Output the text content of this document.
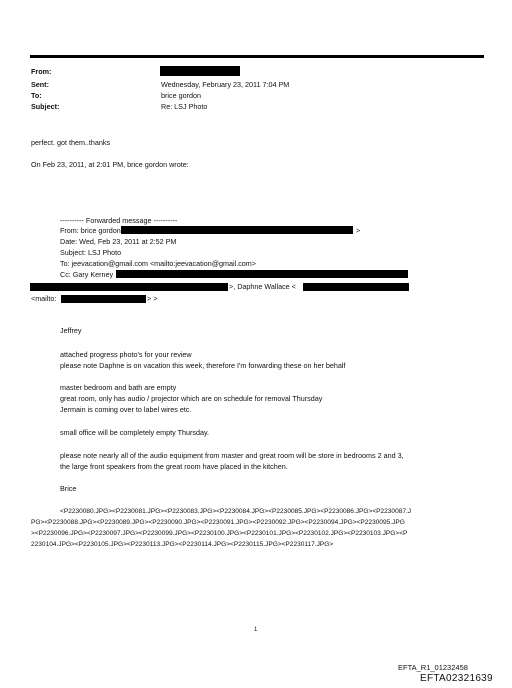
From:
Sent:
To:
Subject:
Wednesday, February 23, 2011 7:04 PM
brice gordon
Re: LSJ Photo
perfect. got them..thanks
On Feb 23, 2011, at 2:01 PM, brice gordon wrote:
---------- Forwarded message ----------
From: brice gordon	>
Date: Wed, Feb 23, 2011 at 2:52 PM
Subject: LSJ Photo
To: jeevacation@gmail.com <mailto:jeevacation@gmail.com>
Cc: Gary Kerney
>, Daphne Wallace <
<mailto:	> >
Jeffrey
attached progress photo's for your review
please note Daphne is on vacation this week, therefore I'm forwarding these on her behalf
master bedroom and bath are empty
great room, only has audio / projector which are on schedule for removal Thursday
Jermain is coming over to label wires etc.
small office will be completely empty Thursday.
please note nearly all of the audio equipment from master and great room will be store in bedrooms 2 and 3,
the large front speakers from the great room have placed in the kitchen.
Brice
<P2230080.JPG><P2230081.JPG><P2230083.JPG><P2230084.JPG><P2230085.JPG><P2230086.JPG><P2230087.J
PG><P2230088.JPG><P2230089.JPG><P2230090.JPG><P2230091.JPG><P2230092.JPG><P2230094.JPG><P2230095.JPG
><P2230096.JPG><P2230097.JPG><P2230099.JPG><P2230100.JPG><P2230101.JPG><P2230102.JPG><P2230103.JPG><P
2230104.JPG><P2230105.JPG><P2230113.JPG><P2230114.JPG><P2230115.JPG><P2230117.JPG>
1
EFTA_R1_01232458
EFTA02321639
